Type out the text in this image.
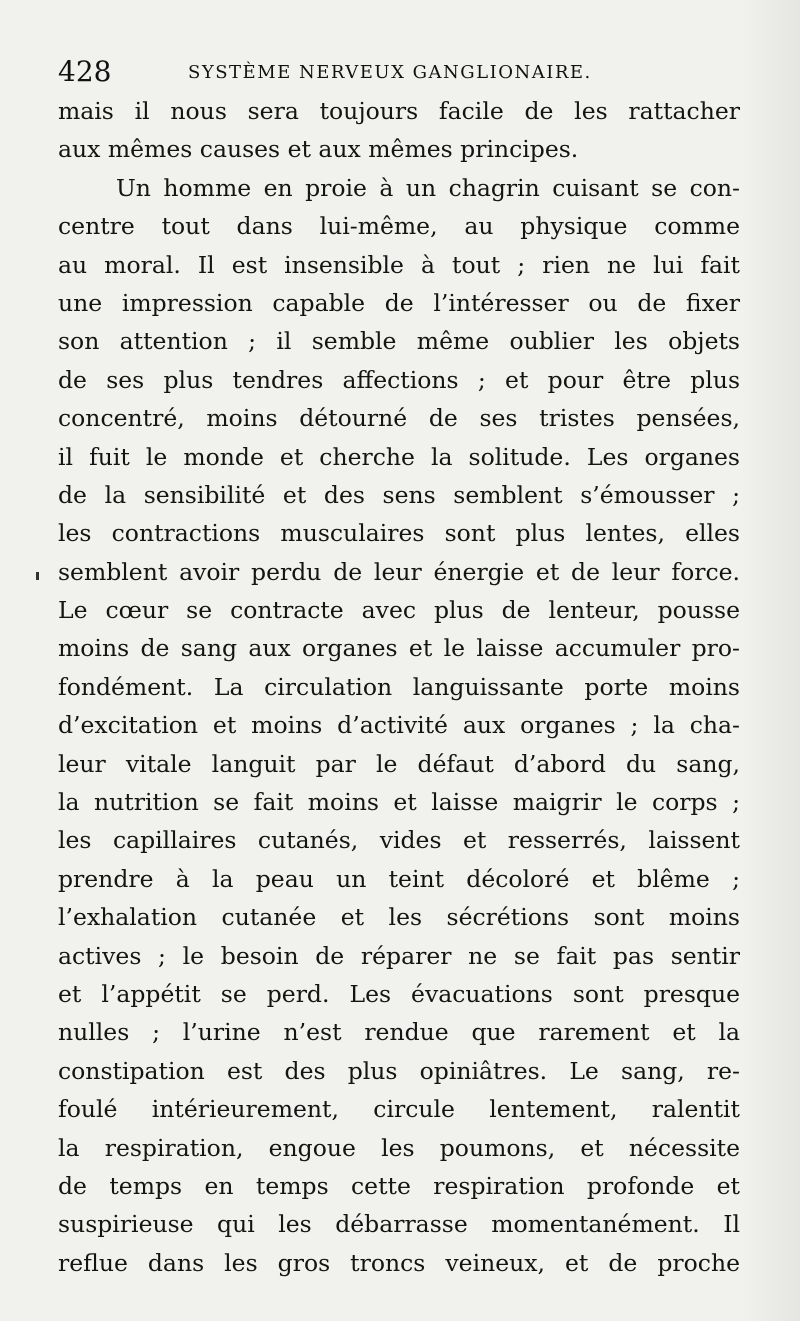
428	SYSTÈME NERVEUX GANGLIONAIRE.
mais il nous sera toujours facile de les rattacher
aux mêmes causes et aux mêmes principes.
Un homme en proie à un chagrin cuisant se con-
centre tout dans lui-même, au physique comme
au moral. Il est insensible à tout ; rien ne lui fait
une impression capable de l’intéresser ou de fixer
son attention ; il semble même oublier les objets
de ses plus tendres affections ; et pour être plus
concentré, moins détourné de ses tristes pensées,
il fuit le monde et cherche la solitude. Les organes
de la sensibilité et des sens semblent s’émousser ;
les contractions musculaires sont plus lentes, elles
semblent avoir perdu de leur énergie et de leur force.
Le cœur se contracte avec plus de lenteur, pousse
moins de sang aux organes et le laisse accumuler pro-
fondément. La circulation languissante porte moins
d’excitation et moins d’activité aux organes ; la cha-
leur vitale languit par le défaut d’abord du sang,
la nutrition se fait moins et laisse maigrir le corps ;
les capillaires cutanés, vides et resserrés, laissent
prendre à la peau un teint décoloré et blême ;
l’exhalation cutanée et les sécrétions sont moins
actives ; le besoin de réparer ne se fait pas sentir
et l’appétit se perd. Les évacuations sont presque
nulles ; l’urine n’est rendue que rarement et la
constipation est des plus opiniâtres. Le sang, re-
foulé intérieurement, circule lentement, ralentit
la respiration, engoue les poumons, et nécessite
de temps en temps cette respiration profonde et
suspirieuse qui les débarrasse momentanément. Il
reflue dans les gros troncs veineux, et de proche
